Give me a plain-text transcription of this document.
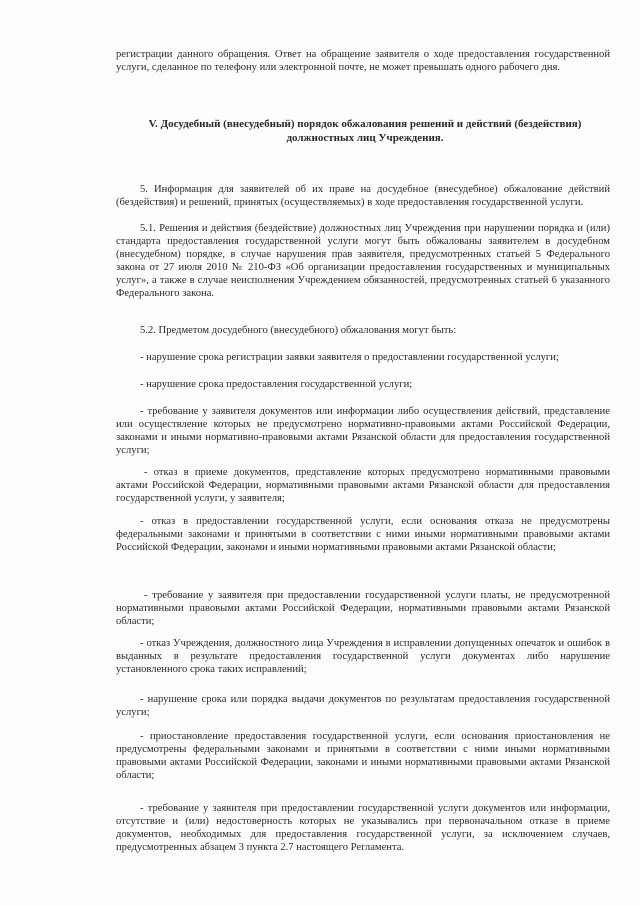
регистрации данного обращения. Ответ на обращение заявителя о ходе предоставления государственной услуги, сделанное по телефону или электронной почте, не может превышать одного рабочего дня.

V. Досудебный (внесудебный) порядок обжалования решений и действий (бездействия) должностных лиц Учреждения.

5. Информация для заявителей об их праве на досудебное (внесудебное) обжалование действий (бездействия) и решений, принятых (осуществляемых) в ходе предоставления государственной услуги.

5.1. Решения и действия (бездействие) должностных лиц Учреждения при нарушении порядка и (или) стандарта предоставления государственной услуги могут быть обжалованы заявителем в досудебном (внесудебном) порядке, в случае нарушения прав заявителя, предусмотренных статьей 5 Федерального закона от 27 июля 2010 № 210-ФЗ «Об организации предоставления государственных и муниципальных услуг», а также в случае неисполнения Учреждением обязанностей, предусмотренных статьей 6 указанного Федерального закона.

5.2. Предметом досудебного (внесудебного) обжалования могут быть:

- нарушение срока регистрации заявки заявителя о предоставлении государственной услуги;

- нарушение срока предоставления государственной услуги;

- требование у заявителя документов или информации либо осуществления действий, представление или осуществление которых не предусмотрено нормативно-правовыми актами Российской Федерации, законами и иными нормативно-правовыми актами Рязанской области для предоставления государственной услуги;

- отказ в приеме документов, представление которых предусмотрено нормативными правовыми актами Российской Федерации, нормативными правовыми актами Рязанской области для предоставления государственной услуги, у заявителя;

- отказ в предоставлении государственной услуги, если основания отказа не предусмотрены федеральными законами и принятыми в соответствии с ними иными нормативными правовыми актами Российской Федерации, законами и иными нормативными правовыми актами Рязанской области;

- требование у заявителя при предоставлении государственной услуги платы, не предусмотренной нормативными правовыми актами Российской Федерации, нормативными правовыми актами Рязанской области;

- отказ Учреждения, должностного лица Учреждения в исправлении допущенных опечаток и ошибок в выданных в результате предоставления государственной услуги документах либо нарушение установленного срока таких исправлений;

- нарушение срока или порядка выдачи документов по результатам предоставления государственной услуги;

- приостановление предоставления государственной услуги, если основания приостановления не предусмотрены федеральными законами и принятыми в соответствии с ними иными нормативными правовыми актами Российской Федерации, законами и иными нормативными правовыми актами Рязанской области;

- требование у заявителя при предоставлении государственной услуги документов или информации, отсутствие и (или) недостоверность которых не указывались при первоначальном отказе в приеме документов, необходимых для предоставления государственной услуги, за исключением случаев, предусмотренных абзацем 3 пункта 2.7 настоящего Регламента.
